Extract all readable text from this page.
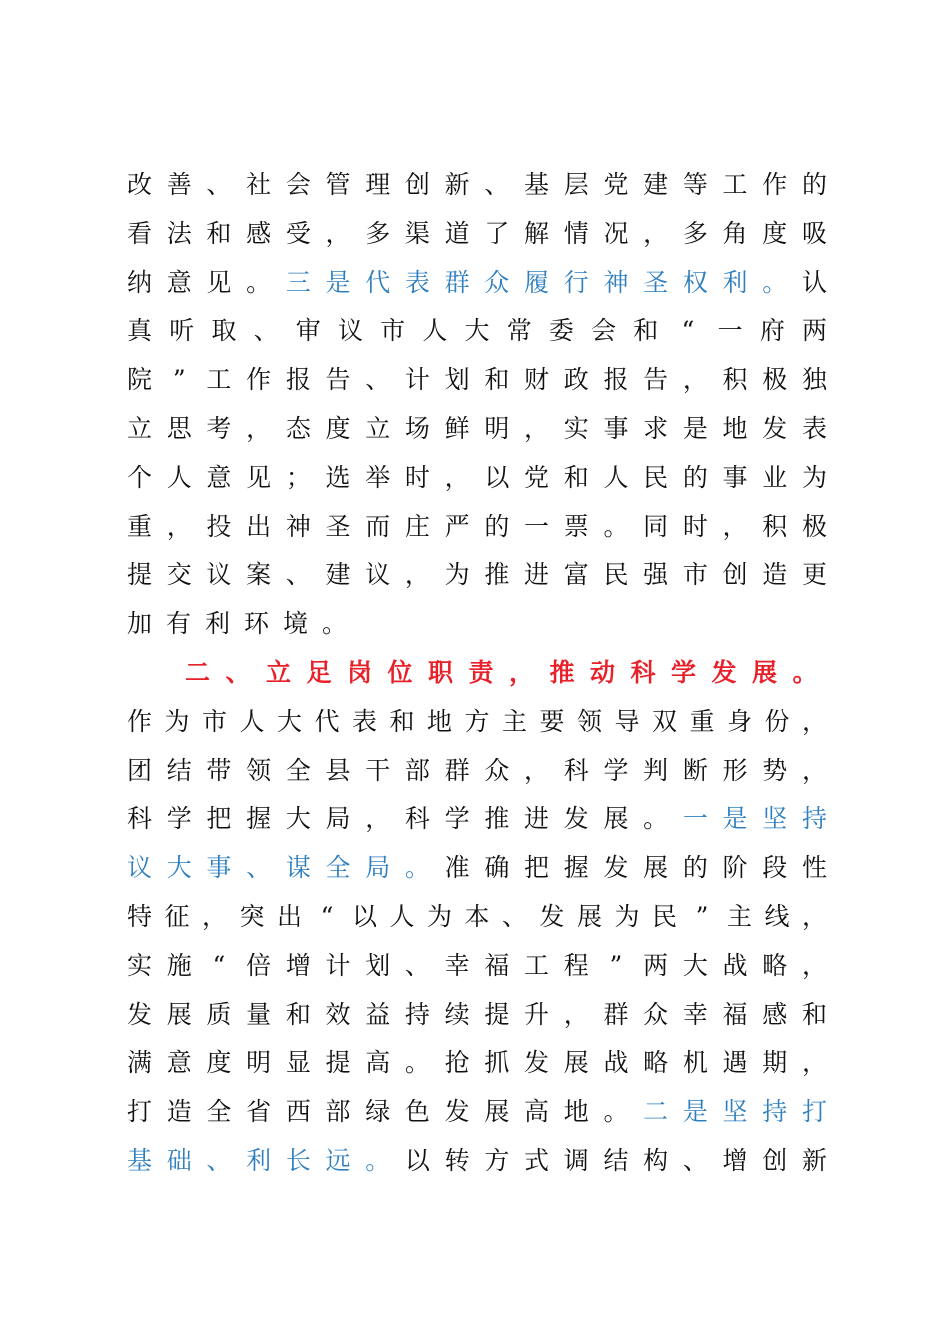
改 善 、 社 会 管 理 创 新 、 基 层 党 建 等 工 作 的
看 法 和 感 受 ， 多 渠 道 了 解 情 况 ， 多 角 度 吸
纳 意 见 。 三 是 代 表 群 众 履 行 神 圣 权 利 。 认
真 听 取 、 审 议 市 人 大 常 委 会 和 “ 一 府 两
院 ” 工 作 报 告 、 计 划 和 财 政 报 告 ， 积 极 独
立 思 考 ， 态 度 立 场 鲜 明 ， 实 事 求 是 地 发 表
个 人 意 见 ； 选 举 时 ， 以 党 和 人 民 的 事 业 为
重 ， 投 出 神 圣 而 庄 严 的 一 票 。 同 时 ， 积 极
提 交 议 案 、 建 议 ， 为 推 进 富 民 强 市 创 造 更
加 有 利 环 境 。
二 、 立 足 岗 位 职 责 ， 推 动 科 学 发 展 。
作 为 市 人 大 代 表 和 地 方 主 要 领 导 双 重 身 份 ，
团 结 带 领 全 县 干 部 群 众 ， 科 学 判 断 形 势 ，
科 学 把 握 大 局 ， 科 学 推 进 发 展 。 一 是 坚 持
议 大 事 、 谋 全 局 。 准 确 把 握 发 展 的 阶 段 性
特 征 ， 突 出 “ 以 人 为 本 、 发 展 为 民 ” 主 线 ，
实 施 “ 倍 增 计 划 、 幸 福 工 程 ” 两 大 战 略 ，
发 展 质 量 和 效 益 持 续 提 升 ， 群 众 幸 福 感 和
满 意 度 明 显 提 高 。 抢 抓 发 展 战 略 机 遇 期 ，
打 造 全 省 西 部 绿 色 发 展 高 地 。 二 是 坚 持 打
基 础 、 利 长 远 。 以 转 方 式 调 结 构 、 增 创 新
